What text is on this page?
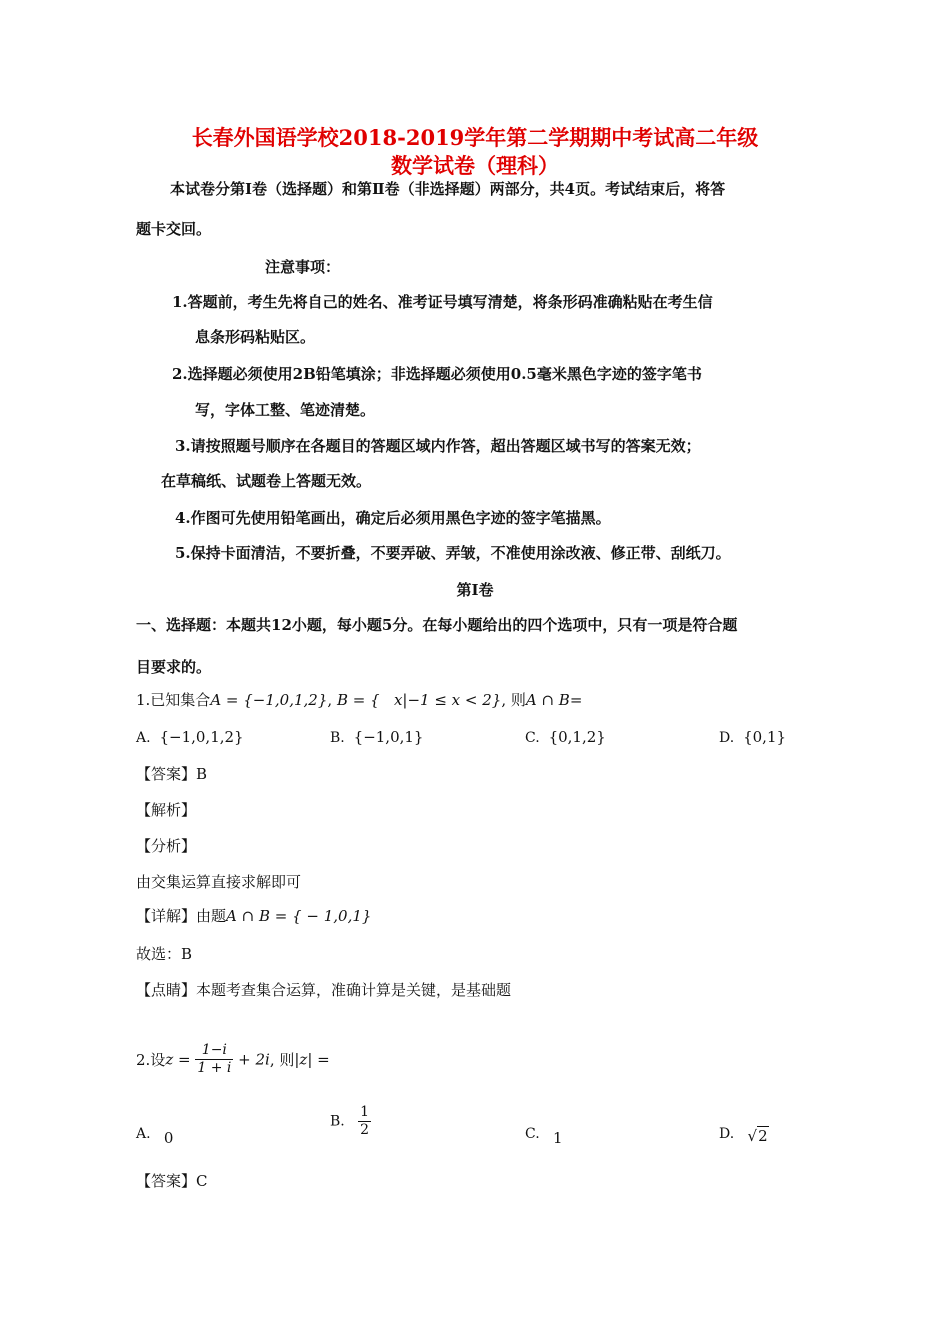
长春外国语学校2018-2019学年第二学期期中考试高二年级
数学试卷（理科）
本试卷分第Ⅰ卷（选择题）和第Ⅱ卷（非选择题）两部分，共4页。考试结束后，将答
题卡交回。
注意事项：
1.答题前，考生先将自己的姓名、准考证号填写清楚，将条形码准确粘贴在考生信
息条形码粘贴区。
2.选择题必须使用2B铅笔填涂；非选择题必须使用0.5毫米黑色字迹的签字笔书
写，字体工整、笔迹清楚。
3.请按照题号顺序在各题目的答题区域内作答，超出答题区域书写的答案无效；
在草稿纸、试题卷上答题无效。
4.作图可先使用铅笔画出，确定后必须用黑色字迹的签字笔描黑。
5.保持卡面清洁，不要折叠，不要弄破、弄皱，不准使用涂改液、修正带、刮纸刀。
第Ⅰ卷
一、选择题：本题共12小题，每小题5分。在每小题给出的四个选项中，只有一项是符合题
目要求的。
1.已知集合A = {−1,0,1,2}, B = { x|−1 ≤ x < 2}, 则A ∩ B=
A. {−1,0,1,2}	B. {−1,0,1}	C. {0,1,2}	D. {0,1}
【答案】B
【解析】
【分析】
由交集运算直接求解即可
【详解】由题A ∩ B = { − 1,0,1}
故选：B
【点睛】本题考查集合运算，准确计算是关键，是基础题
2.设$z = \frac{1-i}{1 + i} + 2i$, 则|z| =
A. 0
B. $\frac{1}{2}$	C. 1	D. √2
【答案】C
